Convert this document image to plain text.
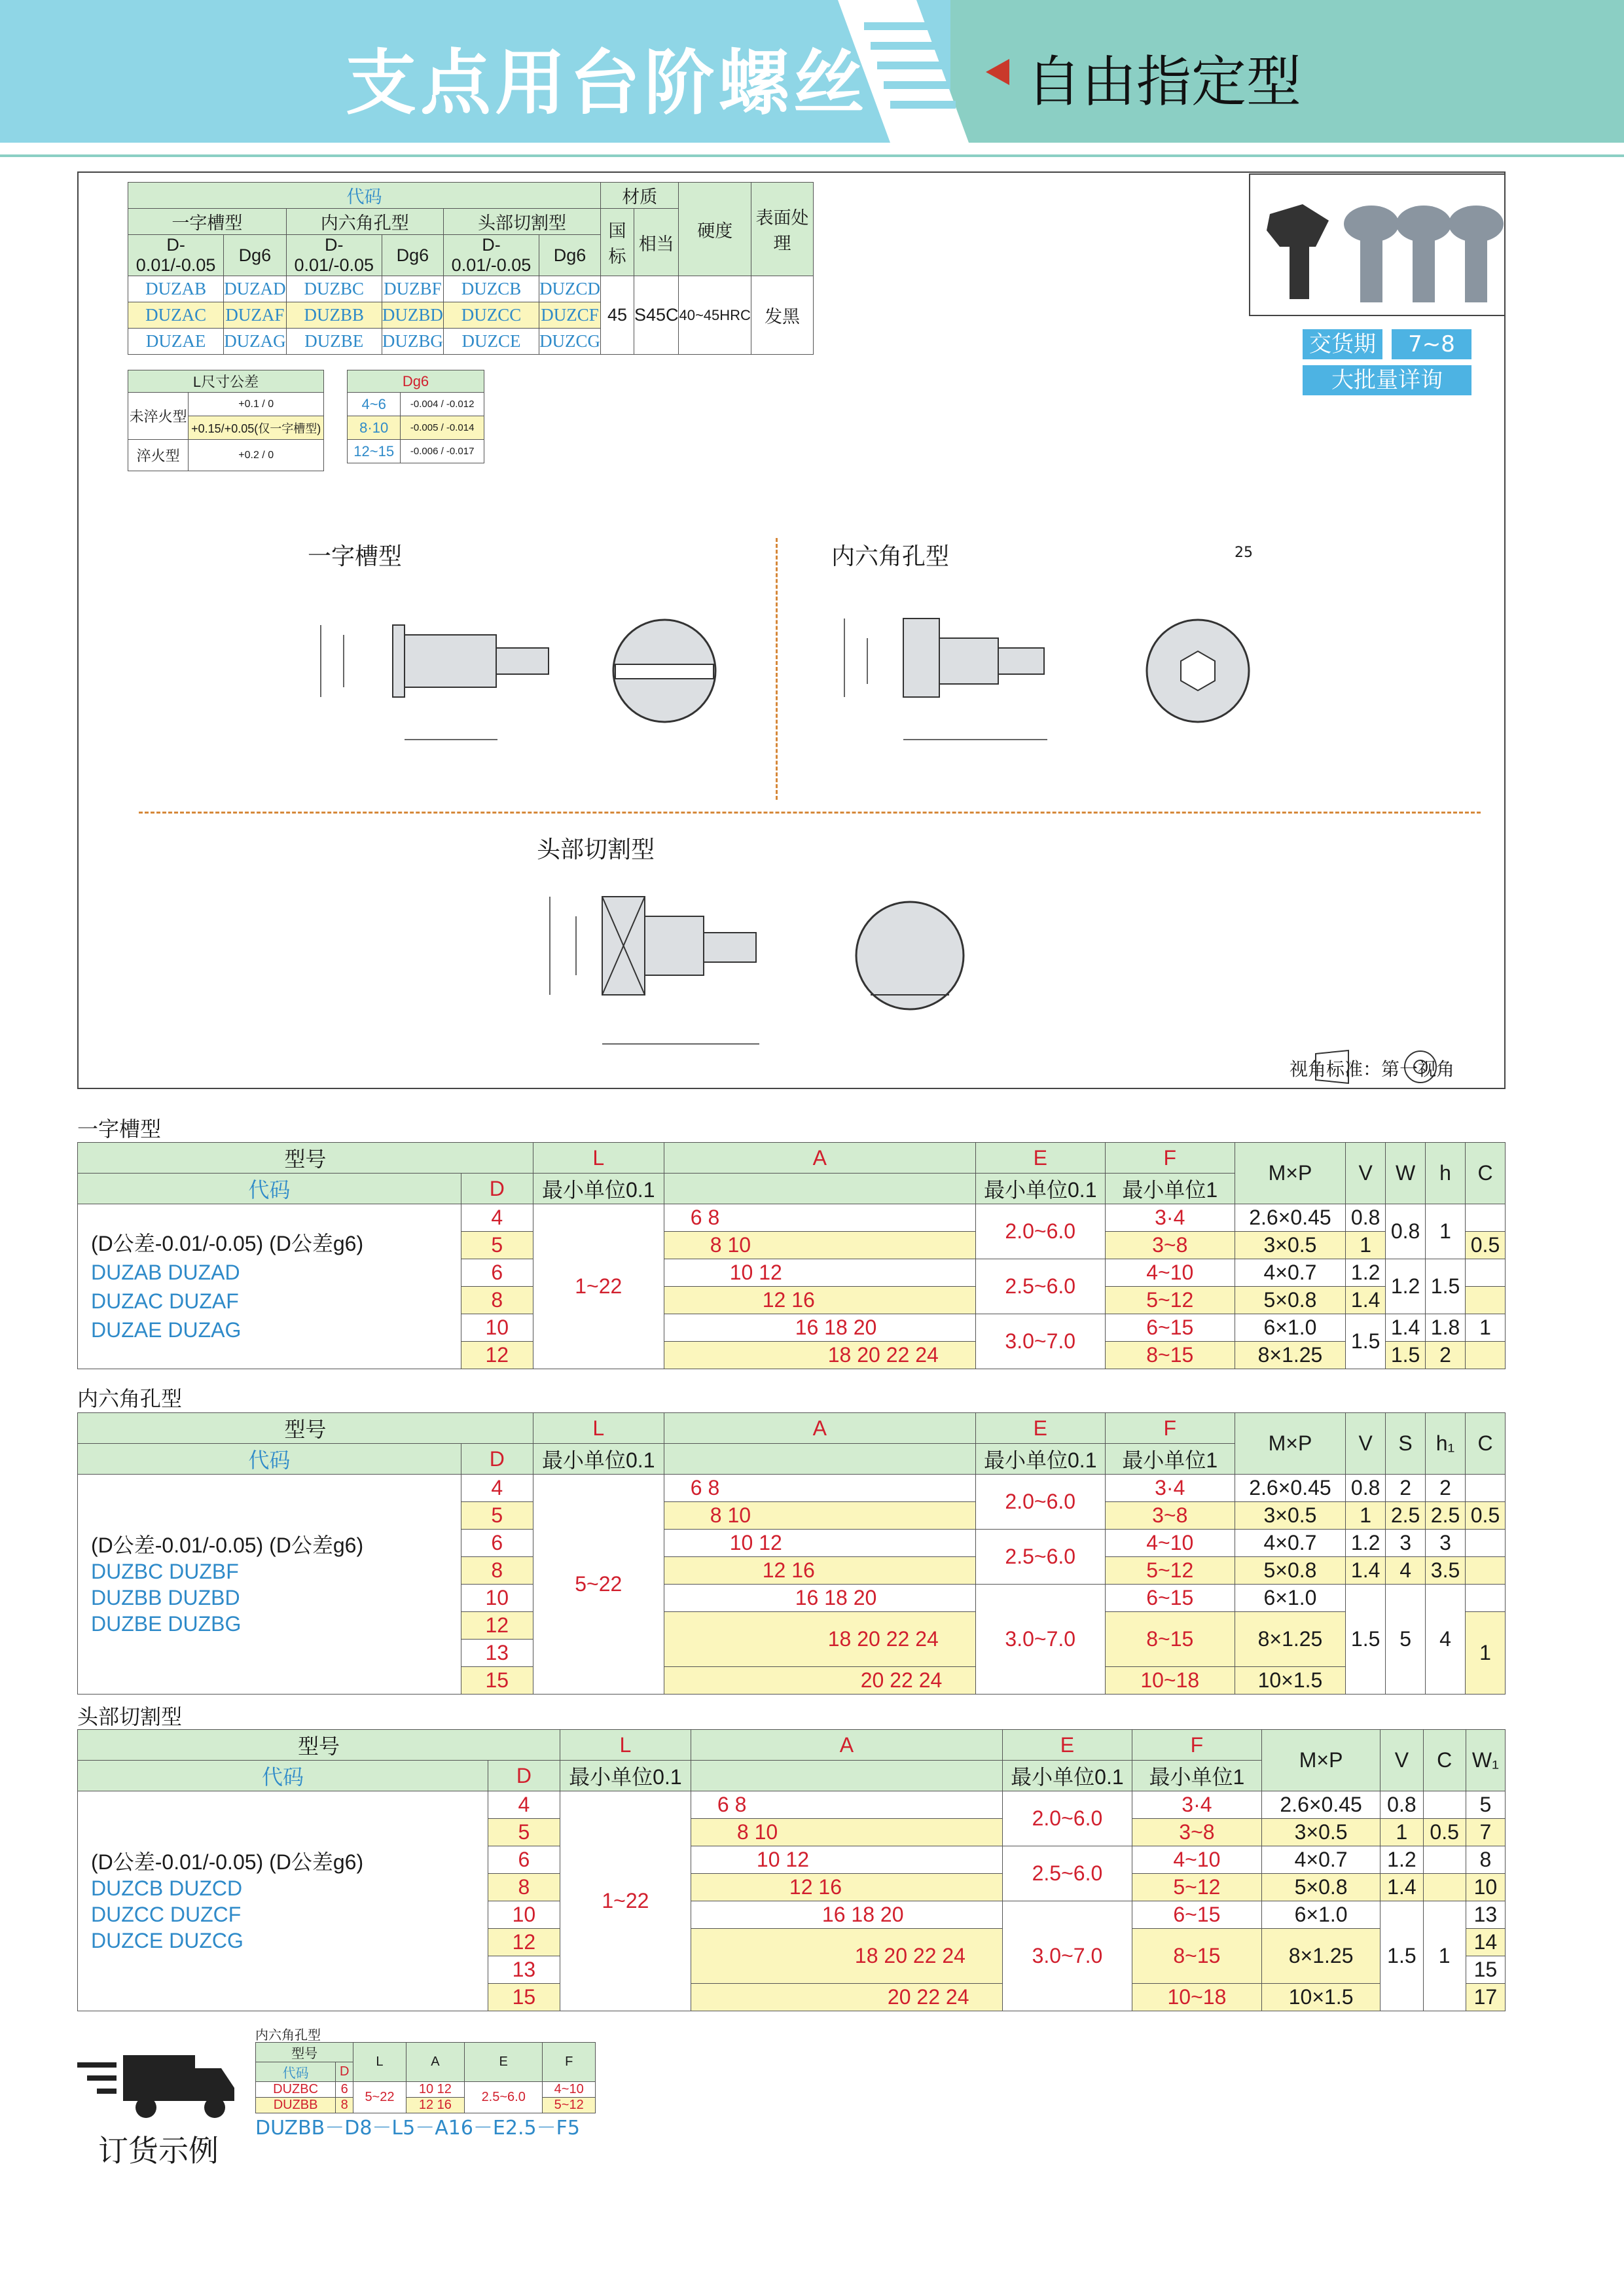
支点用台阶螺丝	自由指定型
代码						材质		硬度	表面处理
一字槽型		内六角孔型		头部切割型		国标	相当		
D-0.01/-0.05	Dg6	D-0.01/-0.05	Dg6	D-0.01/-0.05	Dg6				
DUZAB	DUZAD	DUZBC	DUZBF	DUZCB	DUZCD	45	S45C	40~45HRC	发黑
DUZAC	DUZAF	DUZBB	DUZBD	DUZCC	DUZCF				
DUZAE	DUZAG	DUZBE	DUZBG	DUZCE	DUZCG				
L尺寸公差	
未淬火型	+0.1 / 0
	+0.15/+0.05(仅一字槽型)
淬火型	+0.2 / 0
Dg6	
4~6	-0.004 / -0.012
8·10	-0.005 / -0.014
12~15	-0.006 / -0.017
交货期	7~8
大批量详询
一字槽型	内六角孔型
头部切割型
25
视角标准：第一视角
一字槽型
型号		L	A	E	F	M×P	V	W	h	C
代码	D	最小单位0.1		最小单位0.1	最小单位1					
(D公差-0.01/-0.05) (D公差g6)
DUZAB DUZAD
DUZAC DUZAF
DUZAE DUZAG	4	1~22	6 8	2.0~6.0	3·4	2.6×0.45	0.8	0.8	1	
	5		8 10		3~8	3×0.5	1			0.5
	6		10 12	2.5~6.0	4~10	4×0.7	1.2	1.2	1.5	
	8		12 16		5~12	5×0.8	1.4			
	10		16 18 20	3.0~7.0	6~15	6×1.0	1.5	1.4	1.8	1
	12		18 20 22 24		8~15	8×1.25		1.5	2	
内六角孔型
型号		L	A	E	F	M×P	V	S	h₁	C
代码	D	最小单位0.1		最小单位0.1	最小单位1					
(D公差-0.01/-0.05) (D公差g6)
DUZBC DUZBF
DUZBB DUZBD
DUZBE DUZBG	4	5~22	6 8	2.0~6.0	3·4	2.6×0.45	0.8	2	2	
	5		8 10		3~8	3×0.5	1	2.5	2.5	0.5
	6		10 12	2.5~6.0	4~10	4×0.7	1.2	3	3	
	8		12 16		5~12	5×0.8	1.4	4	3.5	
	10		16 18 20	3.0~7.0	6~15	6×1.0	1.5	5	4	
	12		18 20 22 24		8~15	8×1.25				1
	13									
	15		20 22 24		10~18	10×1.5				
头部切割型
型号		L	A	E	F	M×P	V	C	W₁
代码	D	最小单位0.1		最小单位0.1	最小单位1				
(D公差-0.01/-0.05) (D公差g6)
DUZCB DUZCD
DUZCC DUZCF
DUZCE DUZCG	4	1~22	6 8	2.0~6.0	3·4	2.6×0.45	0.8		5
	5		8 10		3~8	3×0.5	1	0.5	7
	6		10 12	2.5~6.0	4~10	4×0.7	1.2		8
	8		12 16		5~12	5×0.8	1.4		10
	10		16 18 20	3.0~7.0	6~15	6×1.0	1.5	1	13
	12		18 20 22 24		8~15	8×1.25			14
	13								15
	15		20 22 24		10~18	10×1.5			17
订货示例
内六角孔型
型号		L	A	E	F
代码	D				
DUZBC	6	5~22	10 12	2.5~6.0	4~10
DUZBB	8		12 16		5~12
DUZBB－D8－L5－A16－E2.5－F5
